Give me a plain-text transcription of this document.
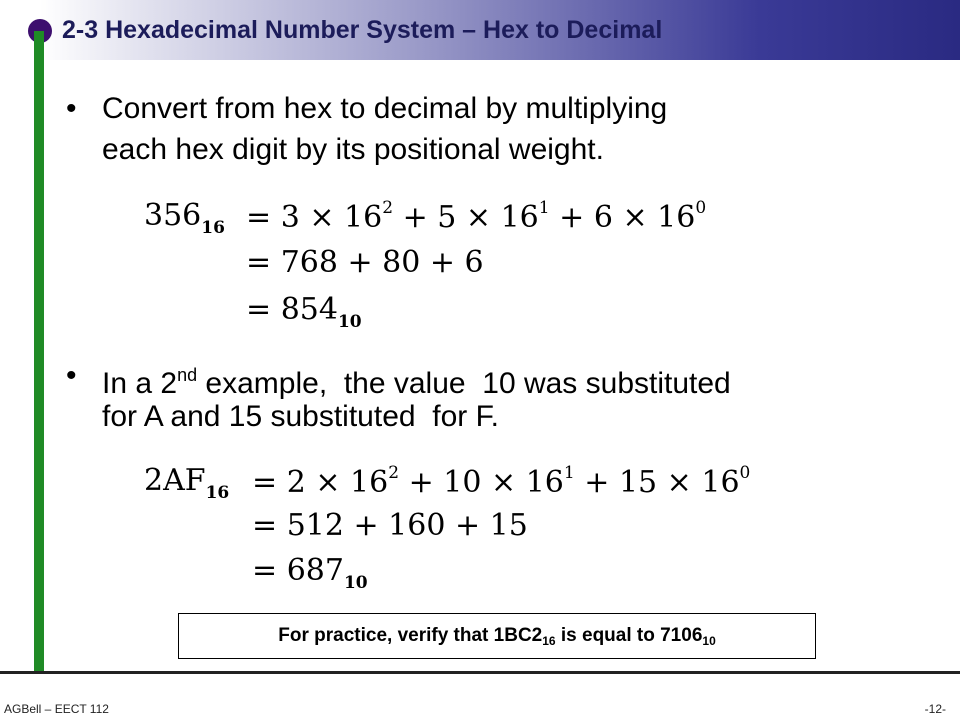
2-3 Hexadecimal Number System – Hex to Decimal
• Convert from hex to decimal by multiplying
each hex digit by its positional weight.
$356_{16} = 3 \times 16^2 + 5 \times 16^1 + 6 \times 16^0$
= 768 + 80 + 6
= $854_{10}$
• In a 2nd example,  the value  10 was substituted
for A and 15 substituted  for F.
$2AF_{16} = 2 \times 16^2 + 10 \times 16^1 + 15 \times 16^0$
= 512 + 160 + 15
= $687_{10}$
For practice, verify that $1BC2_{16}$ is equal to $7106_{10}$
AGBell – EECT 112	-12-
